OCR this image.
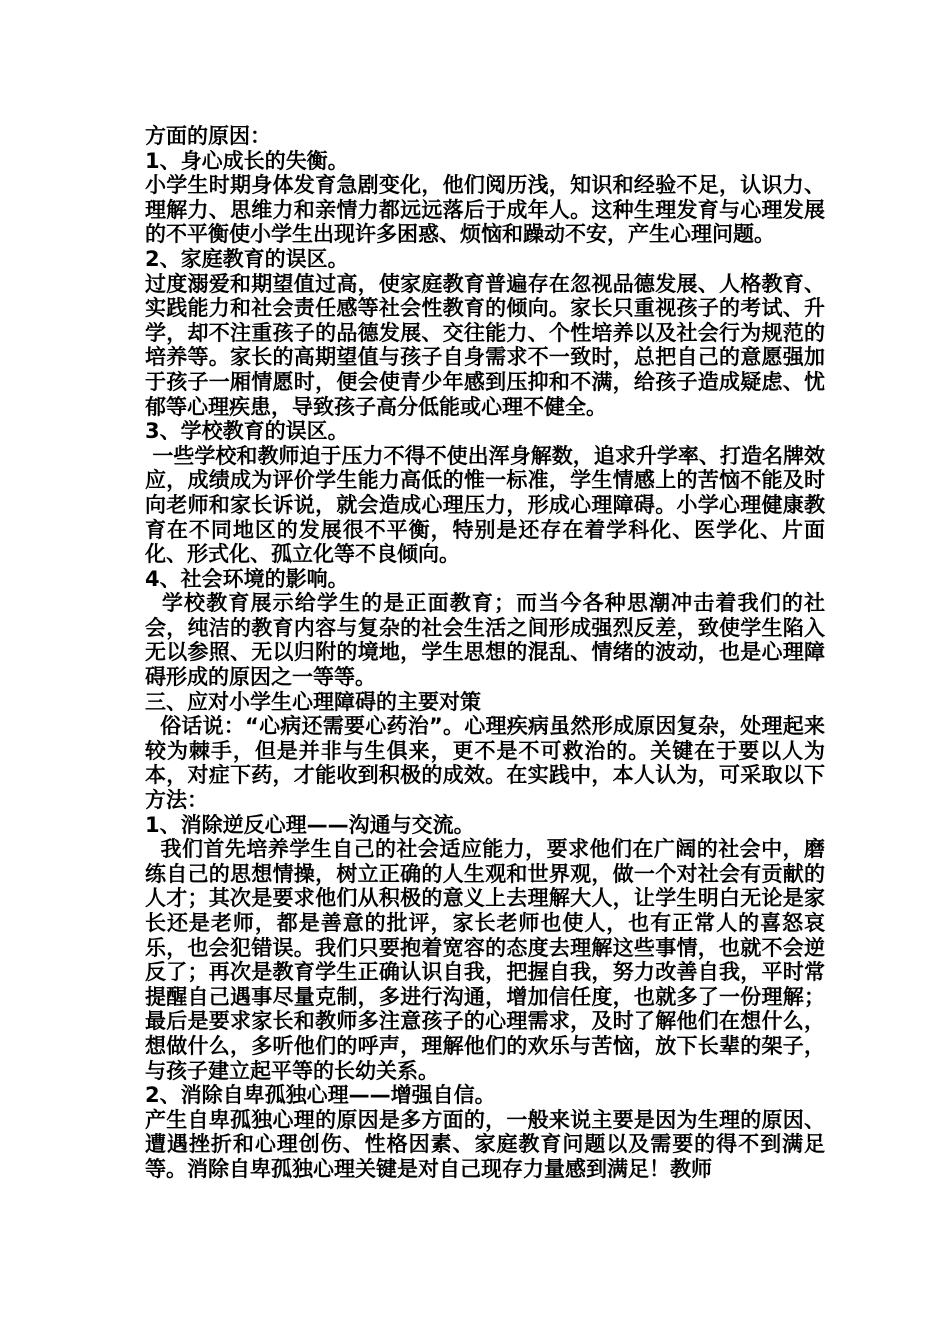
方面的原因：

1、身心成长的失衡。

小学生时期身体发育急剧变化，他们阅历浅，知识和经验不足，认识力、理解力、思维力和亲情力都远远落后于成年人。这种生理发育与心理发展的不平衡使小学生出现许多困惑、烦恼和躁动不安，产生心理问题。

2、家庭教育的误区。

过度溺爱和期望值过高，使家庭教育普遍存在忽视品德发展、人格教育、实践能力和社会责任感等社会性教育的倾向。家长只重视孩子的考试、升学，却不注重孩子的品德发展、交往能力、个性培养以及社会行为规范的培养等。家长的高期望值与孩子自身需求不一致时，总把自己的意愿强加于孩子一厢情愿时，便会使青少年感到压抑和不满，给孩子造成疑虑、忧郁等心理疾患，导致孩子高分低能或心理不健全。

3、学校教育的误区。

一些学校和教师迫于压力不得不使出浑身解数，追求升学率、打造名牌效应，成绩成为评价学生能力高低的惟一标准，学生情感上的苦恼不能及时向老师和家长诉说，就会造成心理压力，形成心理障碍。小学心理健康教育在不同地区的发展很不平衡，特别是还存在着学科化、医学化、片面化、形式化、孤立化等不良倾向。

4、社会环境的影响。

学校教育展示给学生的是正面教育；而当今各种思潮冲击着我们的社会，纯洁的教育内容与复杂的社会生活之间形成强烈反差，致使学生陷入无以参照、无以归附的境地，学生思想的混乱、情绪的波动，也是心理障碍形成的原因之一等等。

三、应对小学生心理障碍的主要对策

俗话说：“心病还需要心药治”。心理疾病虽然形成原因复杂，处理起来较为棘手，但是并非与生俱来，更不是不可救治的。关键在于要以人为本，对症下药，才能收到积极的成效。在实践中，本人认为，可采取以下方法：

1、消除逆反心理——沟通与交流。

我们首先培养学生自己的社会适应能力，要求他们在广阔的社会中，磨练自己的思想情操，树立正确的人生观和世界观，做一个对社会有贡献的人才；其次是要求他们从积极的意义上去理解大人，让学生明白无论是家长还是老师，都是善意的批评，家长老师也使人，也有正常人的喜怒哀乐，也会犯错误。我们只要抱着宽容的态度去理解这些事情，也就不会逆反了；再次是教育学生正确认识自我，把握自我，努力改善自我，平时常提醒自己遇事尽量克制，多进行沟通，增加信任度，也就多了一份理解；最后是要求家长和教师多注意孩子的心理需求，及时了解他们在想什么，想做什么，多听他们的呼声，理解他们的欢乐与苦恼，放下长辈的架子，与孩子建立起平等的长幼关系。

2、消除自卑孤独心理——增强自信。

产生自卑孤独心理的原因是多方面的，一般来说主要是因为生理的原因、遭遇挫折和心理创伤、性格因素、家庭教育问题以及需要的得不到满足等。消除自卑孤独心理关键是对自己现存力量感到满足！教师
